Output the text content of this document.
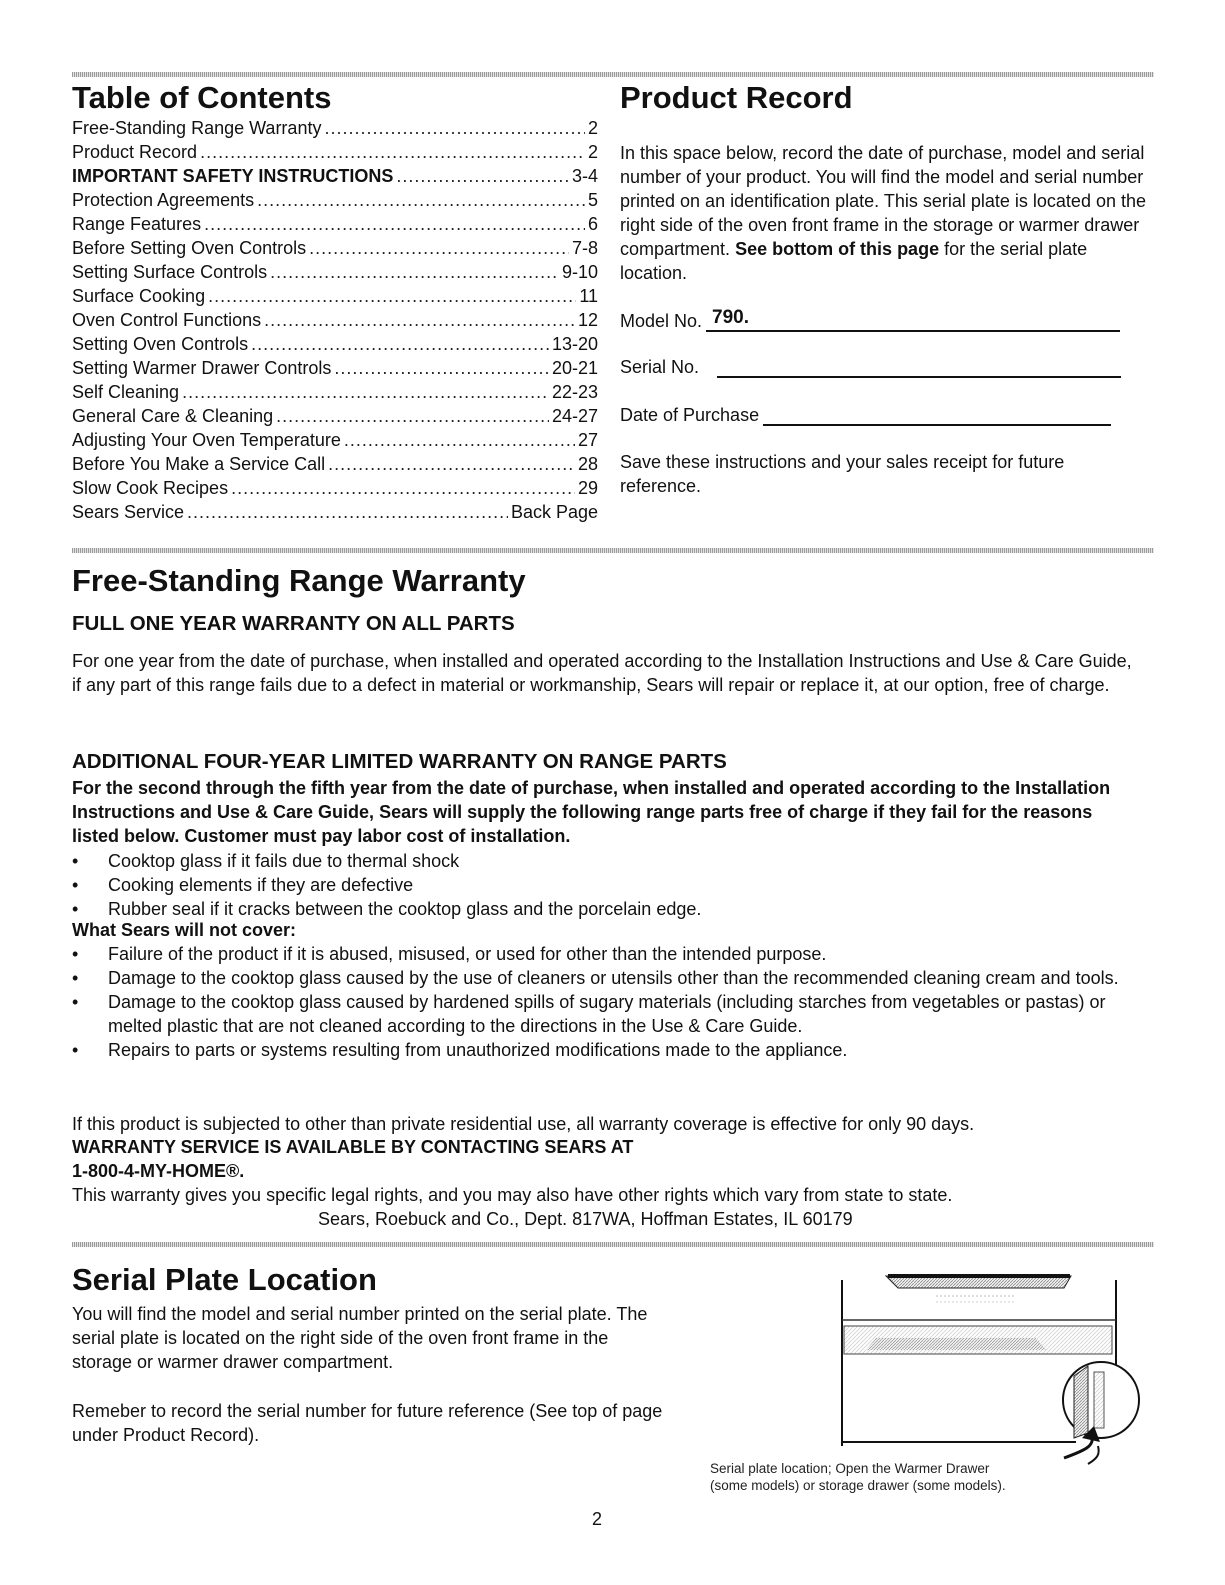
Table of Contents
Free-Standing Range Warranty .....	2
Product Record .....	2
IMPORTANT SAFETY INSTRUCTIONS .....	3-4
Protection Agreements .....	5
Range Features .....	6
Before Setting Oven Controls .....	7-8
Setting Surface Controls .....	9-10
Surface Cooking .....	11
Oven Control Functions .....	12
Setting Oven Controls .....	13-20
Setting Warmer Drawer Controls .....	20-21
Self Cleaning .....	22-23
General Care & Cleaning .....	24-27
Adjusting Your Oven Temperature .....	27
Before You Make a Service Call .....	28
Slow Cook Recipes .....	29
Sears Service .....	Back Page
Product Record
In this space below, record the date of purchase, model and serial number of your product. You will find the model and serial number printed on an identification plate. This serial plate is located on the right side of the oven front frame in the storage or warmer drawer compartment. See bottom of this page for the serial plate location.
Model No. 790.
Serial No.
Date of Purchase
Save these instructions and your sales receipt for future reference.
Free-Standing Range Warranty
FULL ONE YEAR WARRANTY ON ALL PARTS
For one year from the date of purchase, when installed and operated according to the Installation Instructions and Use & Care Guide, if any part of this range fails due to a defect in material or workmanship, Sears will repair or replace it, at our option, free of charge.
ADDITIONAL FOUR-YEAR LIMITED WARRANTY ON RANGE PARTS
For the second through the fifth year from the date of purchase, when installed and operated according to the Installation Instructions and Use & Care Guide, Sears will supply the following range parts free of charge if they fail for the reasons listed below. Customer must pay labor cost of installation.
• Cooktop glass if it fails due to thermal shock
• Cooking elements if they are defective
• Rubber seal if it cracks between the cooktop glass and the porcelain edge.
What Sears will not cover:
• Failure of the product if it is abused, misused, or used for other than the intended purpose.
• Damage to the cooktop glass caused by the use of cleaners or utensils other than the recommended cleaning cream and tools.
• Damage to the cooktop glass caused by hardened spills of sugary materials (including starches from vegetables or pastas) or melted plastic that are not cleaned according to the directions in the Use & Care Guide.
• Repairs to parts or systems resulting from unauthorized modifications made to the appliance.
If this product is subjected to other than private residential use, all warranty coverage is effective for only 90 days.
WARRANTY SERVICE IS AVAILABLE BY CONTACTING SEARS AT
1-800-4-MY-HOME®.
This warranty gives you specific legal rights, and you may also have other rights which vary from state to state.
Sears, Roebuck and Co., Dept. 817WA, Hoffman Estates, IL 60179
Serial Plate Location
You will find the model and serial number printed on the serial plate. The serial plate is located on the right side of the oven front frame in the storage or warmer drawer compartment.
Remeber to record the serial number for future reference (See top of page under Product Record).
Serial plate location; Open the Warmer Drawer
(some models) or storage drawer (some models).
2
